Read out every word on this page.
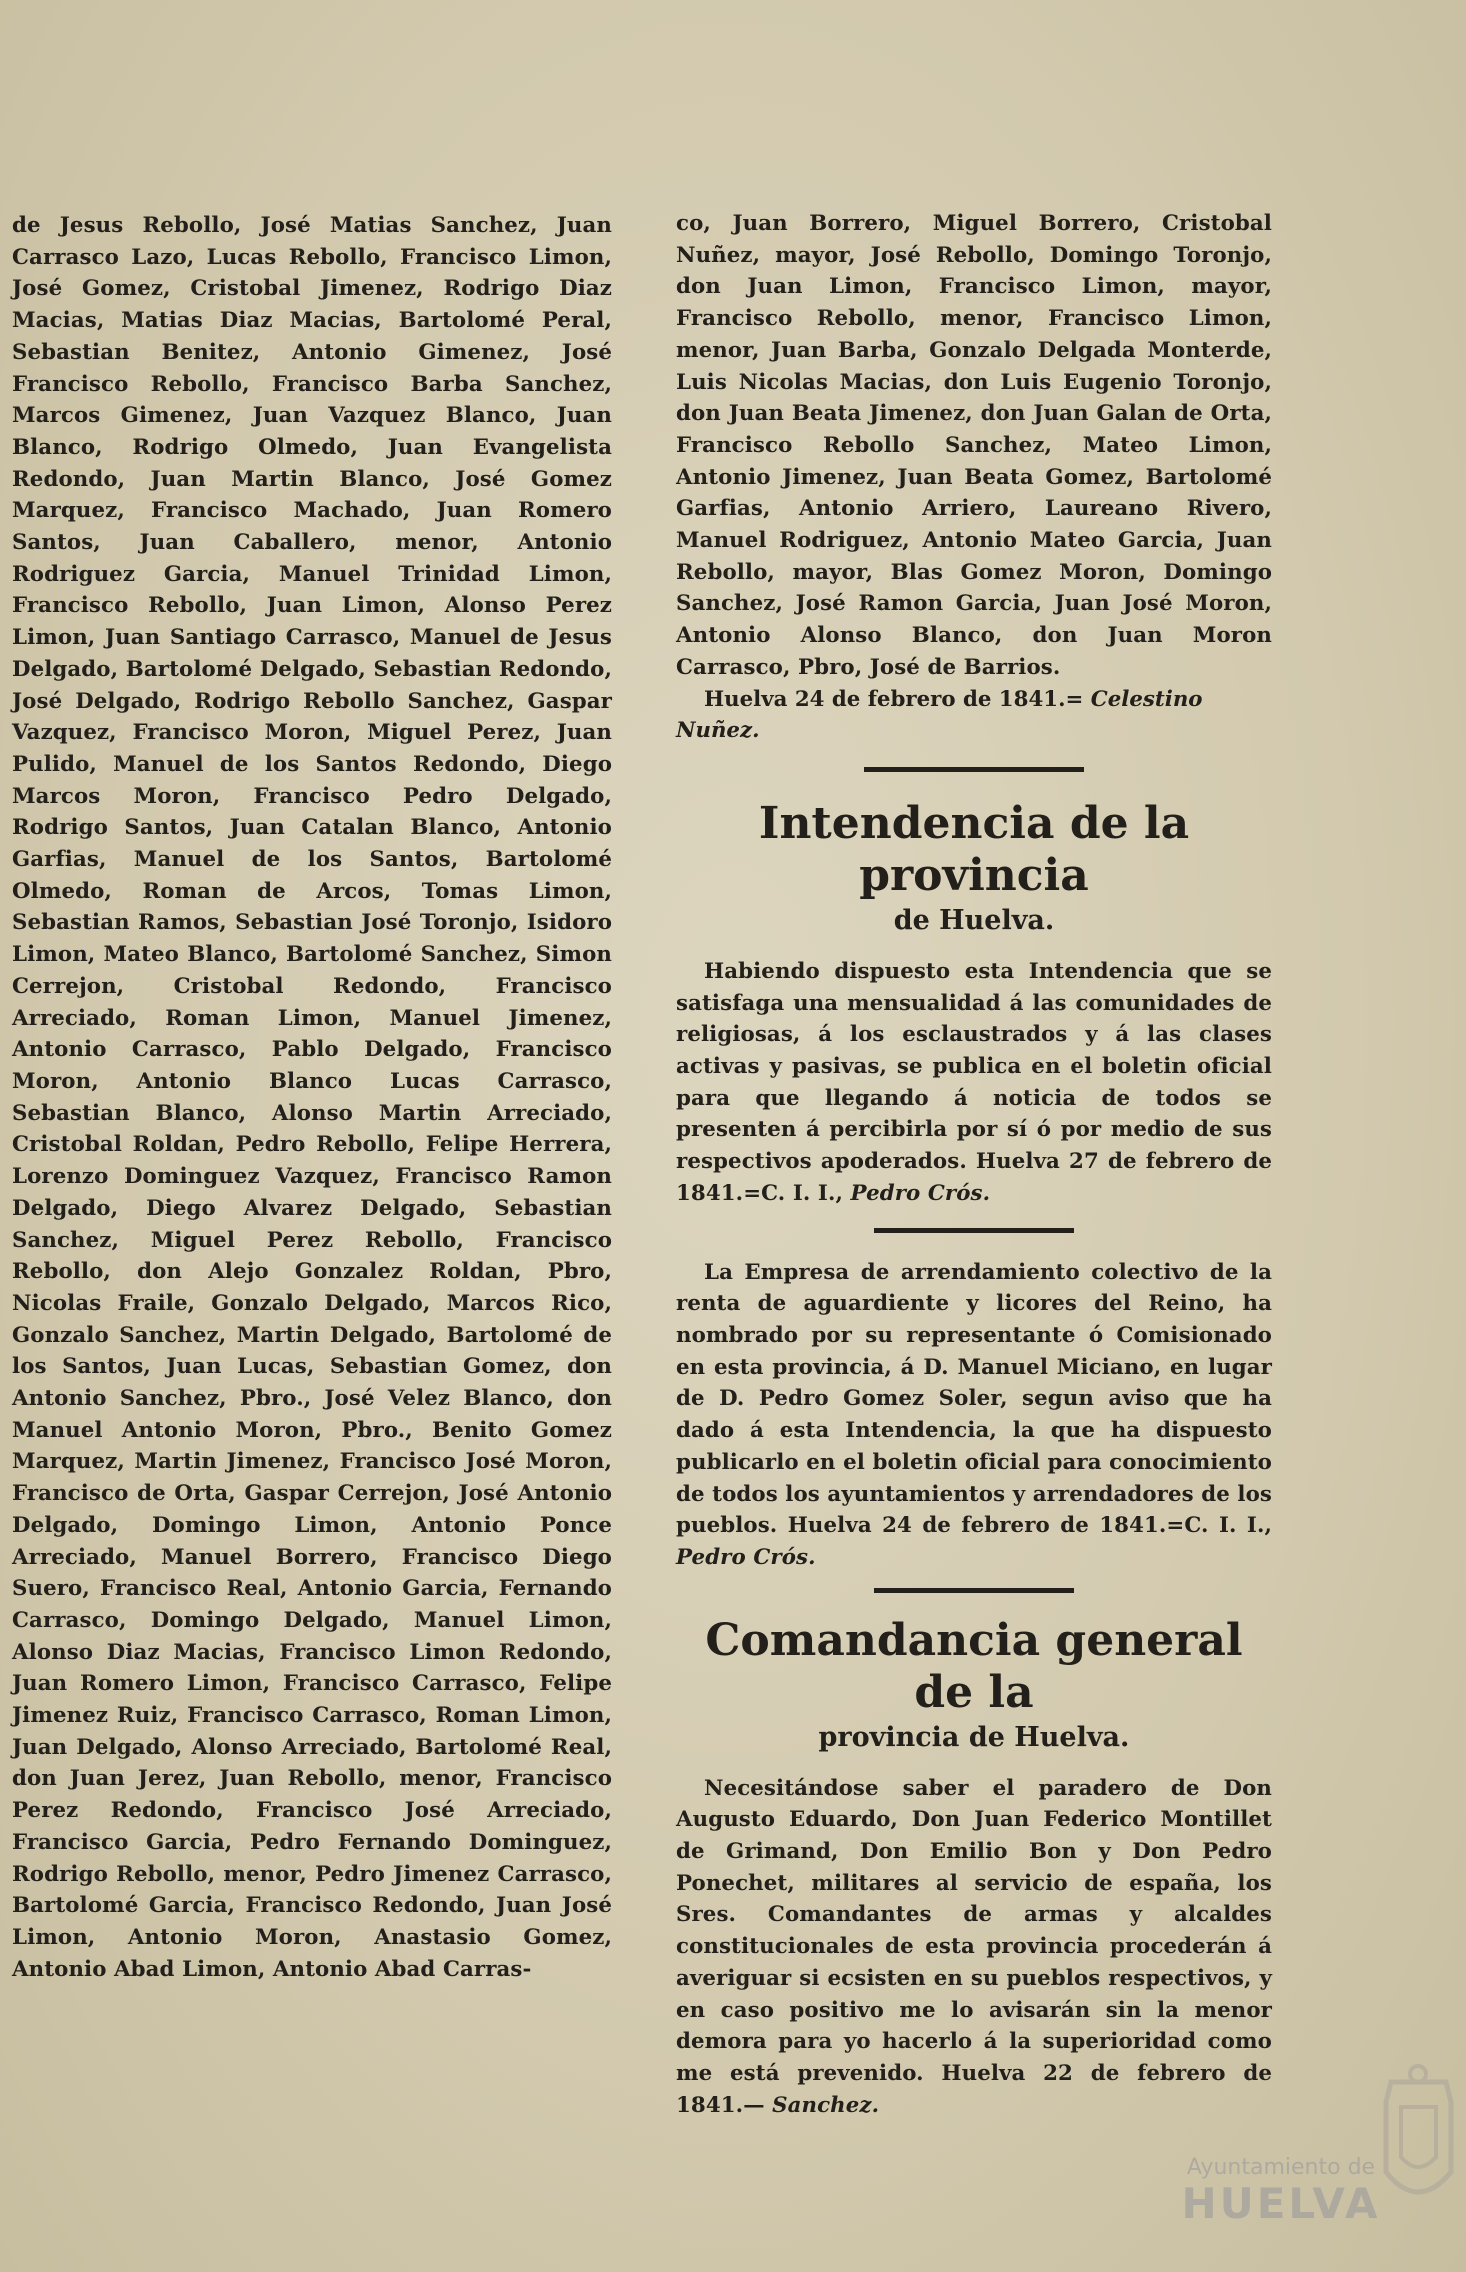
de Jesus Rebollo, José Matias Sanchez, Juan Carrasco Lazo, Lucas Rebollo, Francisco Limon, José Gomez, Cristobal Jimenez, Rodrigo Diaz Macias, Matias Diaz Macias, Bartolomé Peral, Sebastian Benitez, Antonio Gimenez, José Francisco Rebollo, Francisco Barba Sanchez, Marcos Gimenez, Juan Vazquez Blanco, Juan Blanco, Rodrigo Olmedo, Juan Evangelista Redondo, Juan Martin Blanco, José Gomez Marquez, Francisco Machado, Juan Romero Santos, Juan Caballero, menor, Antonio Rodriguez Garcia, Manuel Trinidad Limon, Francisco Rebollo, Juan Limon, Alonso Perez Limon, Juan Santiago Carrasco, Manuel de Jesus Delgado, Bartolomé Delgado, Sebastian Redondo, José Delgado, Rodrigo Rebollo Sanchez, Gaspar Vazquez, Francisco Moron, Miguel Perez, Juan Pulido, Manuel de los Santos Redondo, Diego Marcos Moron, Francisco Pedro Delgado, Rodrigo Santos, Juan Catalan Blanco, Antonio Garfias, Manuel de los Santos, Bartolomé Olmedo, Roman de Arcos, Tomas Limon, Sebastian Ramos, Sebastian José Toronjo, Isidoro Limon, Mateo Blanco, Bartolomé Sanchez, Simon Cerrejon, Cristobal Redondo, Francisco Arreciado, Roman Limon, Manuel Jimenez, Antonio Carrasco, Pablo Delgado, Francisco Moron, Antonio Blanco Lucas Carrasco, Sebastian Blanco, Alonso Martin Arreciado, Cristobal Roldan, Pedro Rebollo, Felipe Herrera, Lorenzo Dominguez Vazquez, Francisco Ramon Delgado, Diego Alvarez Delgado, Sebastian Sanchez, Miguel Perez Rebollo, Francisco Rebollo, don Alejo Gonzalez Roldan, Pbro, Nicolas Fraile, Gonzalo Delgado, Marcos Rico, Gonzalo Sanchez, Martin Delgado, Bartolomé de los Santos, Juan Lucas, Sebastian Gomez, don Antonio Sanchez, Pbro., José Velez Blanco, don Manuel Antonio Moron, Pbro., Benito Gomez Marquez, Martin Jimenez, Francisco José Moron, Francisco de Orta, Gaspar Cerrejon, José Antonio Delgado, Domingo Limon, Antonio Ponce Arreciado, Manuel Borrero, Francisco Diego Suero, Francisco Real, Antonio Garcia, Fernando Carrasco, Domingo Delgado, Manuel Limon, Alonso Diaz Macias, Francisco Limon Redondo, Juan Romero Limon, Francisco Carrasco, Felipe Jimenez Ruiz, Francisco Carrasco, Roman Limon, Juan Delgado, Alonso Arreciado, Bartolomé Real, don Juan Jerez, Juan Rebollo, menor, Francisco Perez Redondo, Francisco José Arreciado, Francisco Garcia, Pedro Fernando Dominguez, Rodrigo Rebollo, menor, Pedro Jimenez Carrasco, Bartolomé Garcia, Francisco Redondo, Juan José Limon, Antonio Moron, Anastasio Gomez, Antonio Abad Limon, Antonio Abad Carras-

co, Juan Borrero, Miguel Borrero, Cristobal Nuñez, mayor, José Rebollo, Domingo Toronjo, don Juan Limon, Francisco Limon, mayor, Francisco Rebollo, menor, Francisco Limon, menor, Juan Barba, Gonzalo Delgada Monterde, Luis Nicolas Macias, don Luis Eugenio Toronjo, don Juan Beata Jimenez, don Juan Galan de Orta, Francisco Rebollo Sanchez, Mateo Limon, Antonio Jimenez, Juan Beata Gomez, Bartolomé Garfias, Antonio Arriero, Laureano Rivero, Manuel Rodriguez, Antonio Mateo Garcia, Juan Rebollo, mayor, Blas Gomez Moron, Domingo Sanchez, José Ramon Garcia, Juan José Moron, Antonio Alonso Blanco, don Juan Moron Carrasco, Pbro, José de Barrios.

Huelva 24 de febrero de 1841.= Celestino Nuñez.

Intendencia de la provincia
de Huelva.

Habiendo dispuesto esta Intendencia que se satisfaga una mensualidad á las comunidades de religiosas, á los esclaustrados y á las clases activas y pasivas, se publica en el boletin oficial para que llegando á noticia de todos se presenten á percibirla por sí ó por medio de sus respectivos apoderados. Huelva 27 de febrero de 1841.=C. I. I., Pedro Crós.

La Empresa de arrendamiento colectivo de la renta de aguardiente y licores del Reino, ha nombrado por su representante ó Comisionado en esta provincia, á D. Manuel Miciano, en lugar de D. Pedro Gomez Soler, segun aviso que ha dado á esta Intendencia, la que ha dispuesto publicarlo en el boletin oficial para conocimiento de todos los ayuntamientos y arrendadores de los pueblos. Huelva 24 de febrero de 1841.=C. I. I., Pedro Crós.

Comandancia general de la
provincia de Huelva.

Necesitándose saber el paradero de Don Augusto Eduardo, Don Juan Federico Montillet de Grimand, Don Emilio Bon y Don Pedro Ponechet, militares al servicio de españa, los Sres. Comandantes de armas y alcaldes constitucionales de esta provincia procederán á averiguar si ecsisten en su pueblos respectivos, y en caso positivo me lo avisarán sin la menor demora para yo hacerlo á la superioridad como me está prevenido. Huelva 22 de febrero de 1841.— Sanchez.

Ayuntamiento de
HUELVA
